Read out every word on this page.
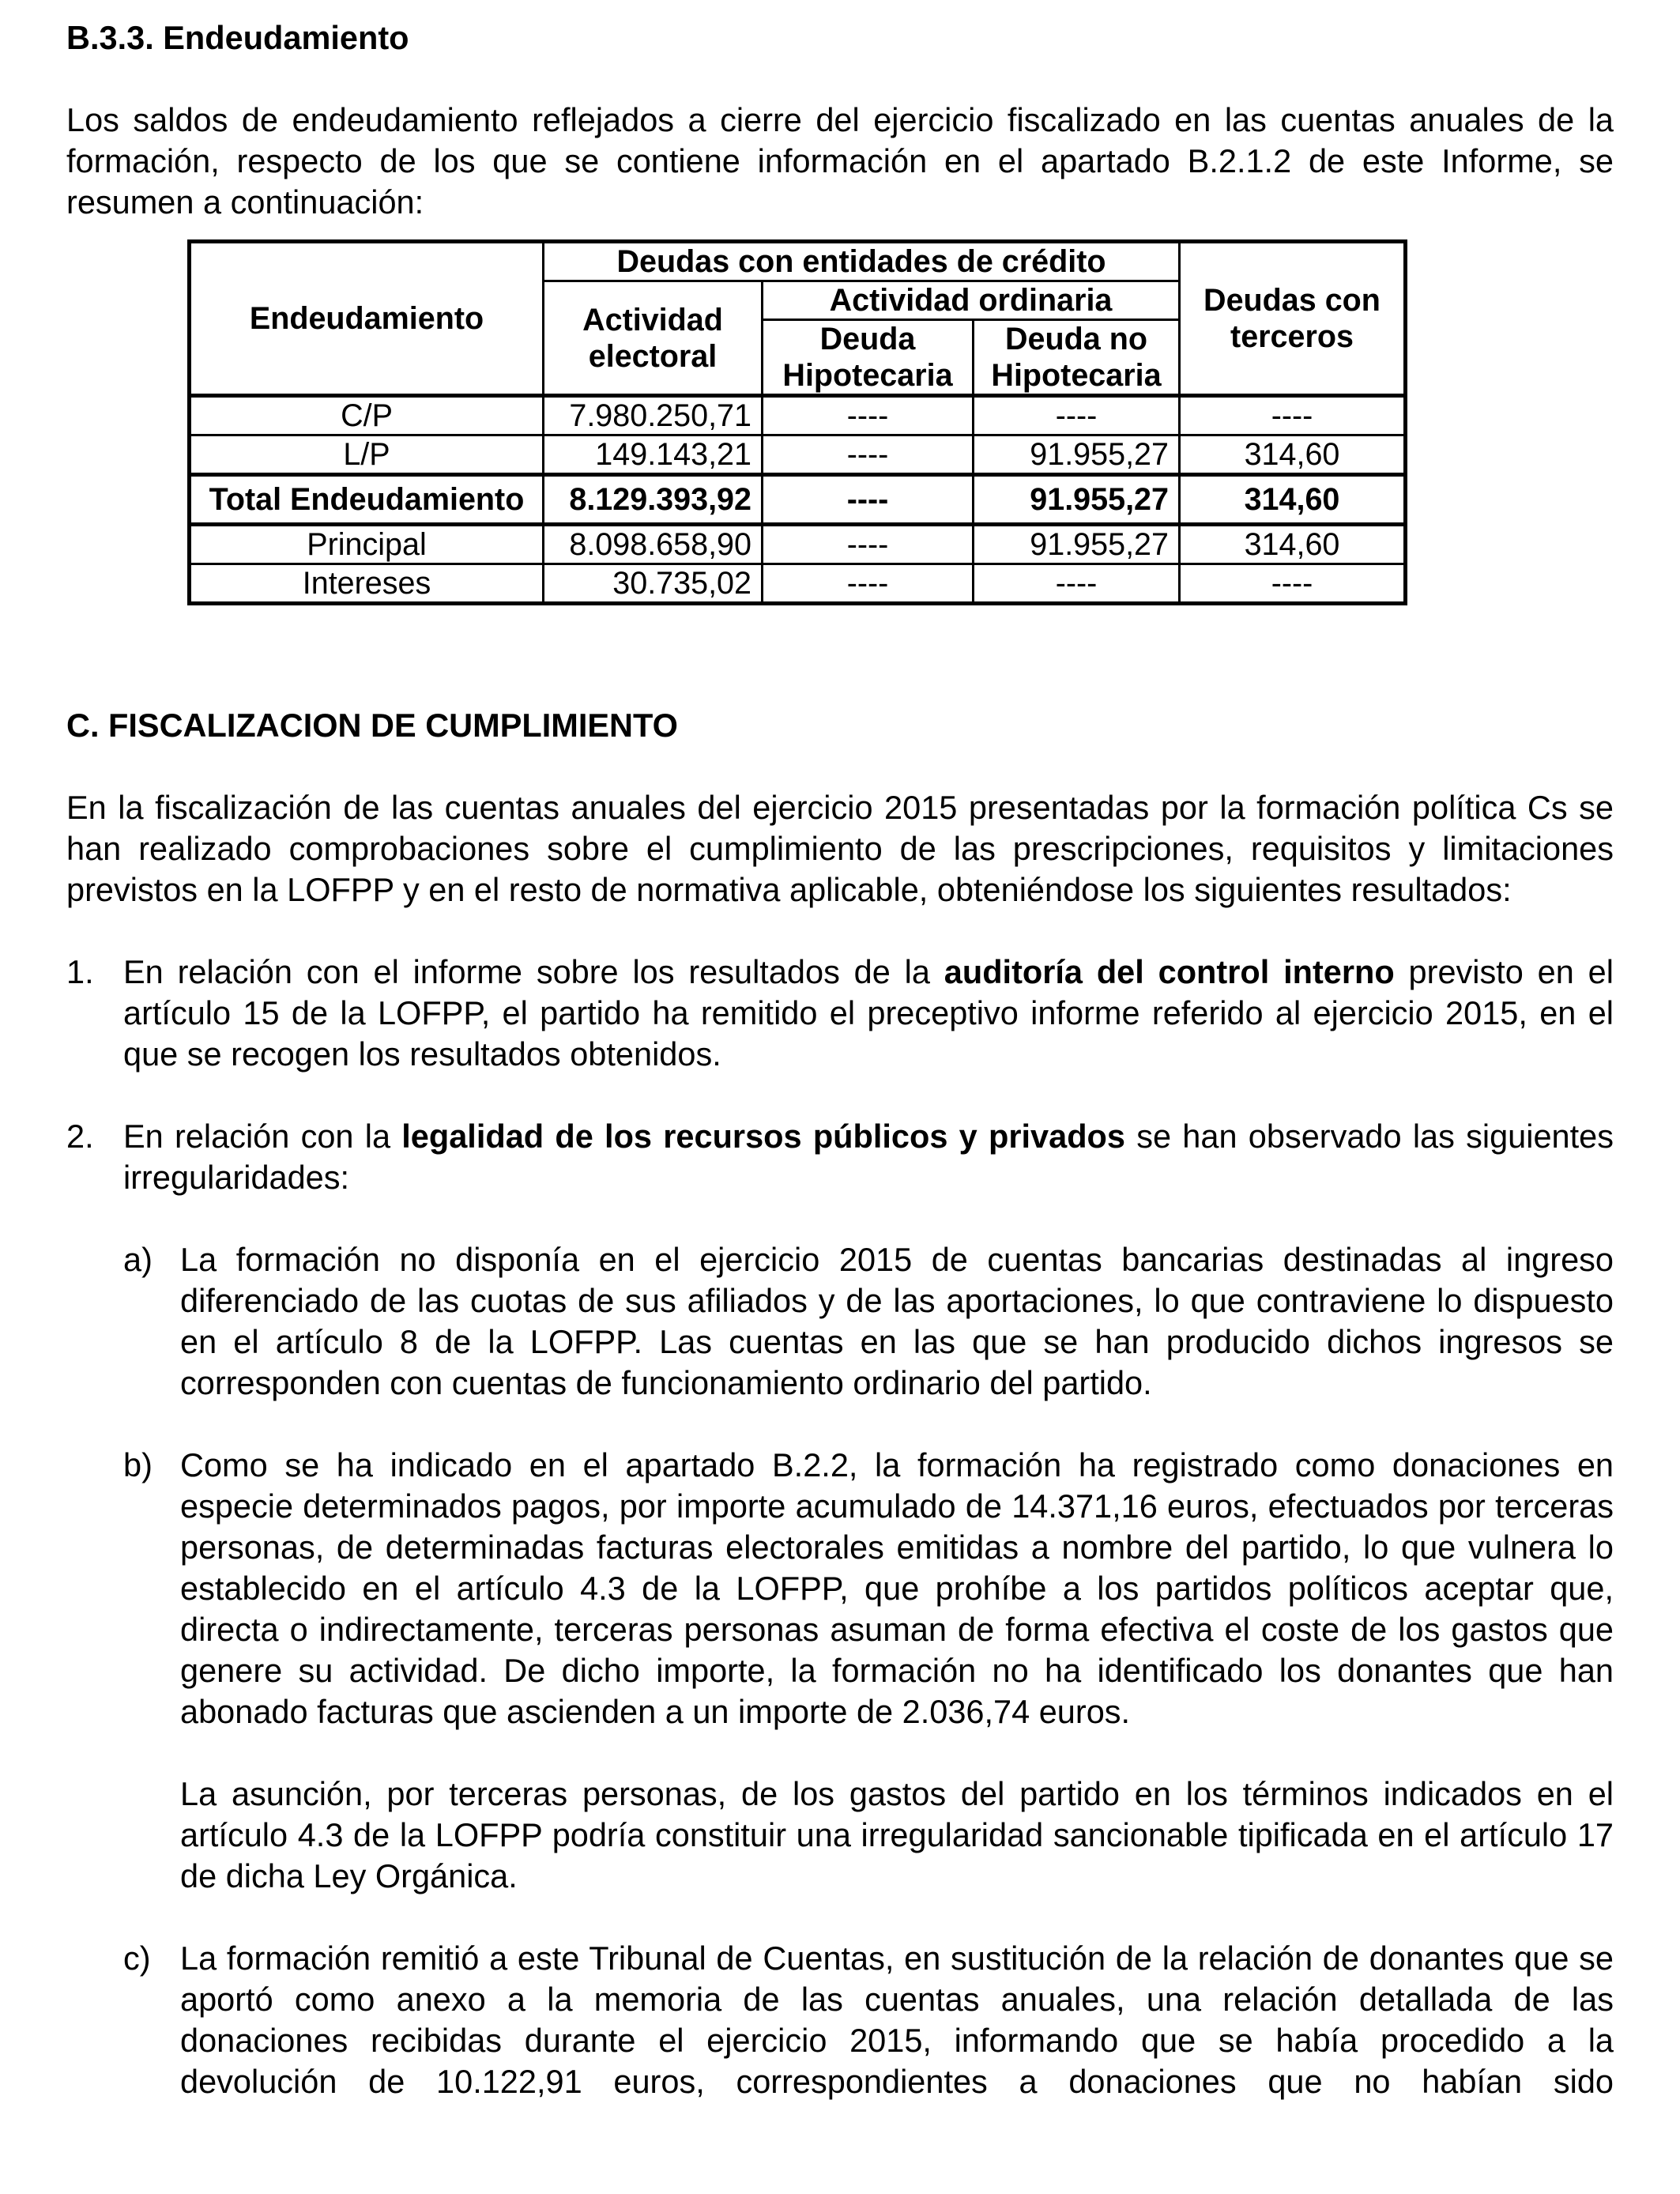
B.3.3. Endeudamiento

Los saldos de endeudamiento reflejados a cierre del ejercicio fiscalizado en las cuentas anuales de la formación, respecto de los que se contiene información en el apartado B.2.1.2 de este Informe, se resumen a continuación:

Endeudamiento	Deudas con entidades de crédito			Deudas con terceros
	Actividad electoral	Actividad ordinaria		
		Deuda Hipotecaria	Deuda no Hipotecaria	
C/P	7.980.250,71	----	----	----
L/P	149.143,21	----	91.955,27	314,60
Total Endeudamiento	8.129.393,92	----	91.955,27	314,60
Principal	8.098.658,90	----	91.955,27	314,60
Intereses	30.735,02	----	----	----

C. FISCALIZACION DE CUMPLIMIENTO

En la fiscalización de las cuentas anuales del ejercicio 2015 presentadas por la formación política Cs se han realizado comprobaciones sobre el cumplimiento de las prescripciones, requisitos y limitaciones previstos en la LOFPP y en el resto de normativa aplicable, obteniéndose los siguientes resultados:

1. En relación con el informe sobre los resultados de la auditoría del control interno previsto en el artículo 15 de la LOFPP, el partido ha remitido el preceptivo informe referido al ejercicio 2015, en el que se recogen los resultados obtenidos.

2. En relación con la legalidad de los recursos públicos y privados se han observado las siguientes irregularidades:

a) La formación no disponía en el ejercicio 2015 de cuentas bancarias destinadas al ingreso diferenciado de las cuotas de sus afiliados y de las aportaciones, lo que contraviene lo dispuesto en el artículo 8 de la LOFPP. Las cuentas en las que se han producido dichos ingresos se corresponden con cuentas de funcionamiento ordinario del partido.

b) Como se ha indicado en el apartado B.2.2, la formación ha registrado como donaciones en especie determinados pagos, por importe acumulado de 14.371,16 euros, efectuados por terceras personas, de determinadas facturas electorales emitidas a nombre del partido, lo que vulnera lo establecido en el artículo 4.3 de la LOFPP, que prohíbe a los partidos políticos aceptar que, directa o indirectamente, terceras personas asuman de forma efectiva el coste de los gastos que genere su actividad. De dicho importe, la formación no ha identificado los donantes que han abonado facturas que ascienden a un importe de 2.036,74 euros.

La asunción, por terceras personas, de los gastos del partido en los términos indicados en el artículo 4.3 de la LOFPP podría constituir una irregularidad sancionable tipificada en el artículo 17 de dicha Ley Orgánica.

c) La formación remitió a este Tribunal de Cuentas, en sustitución de la relación de donantes que se aportó como anexo a la memoria de las cuentas anuales, una relación detallada de las donaciones recibidas durante el ejercicio 2015, informando que se había procedido a la devolución de 10.122,91 euros, correspondientes a donaciones que no habían sido
